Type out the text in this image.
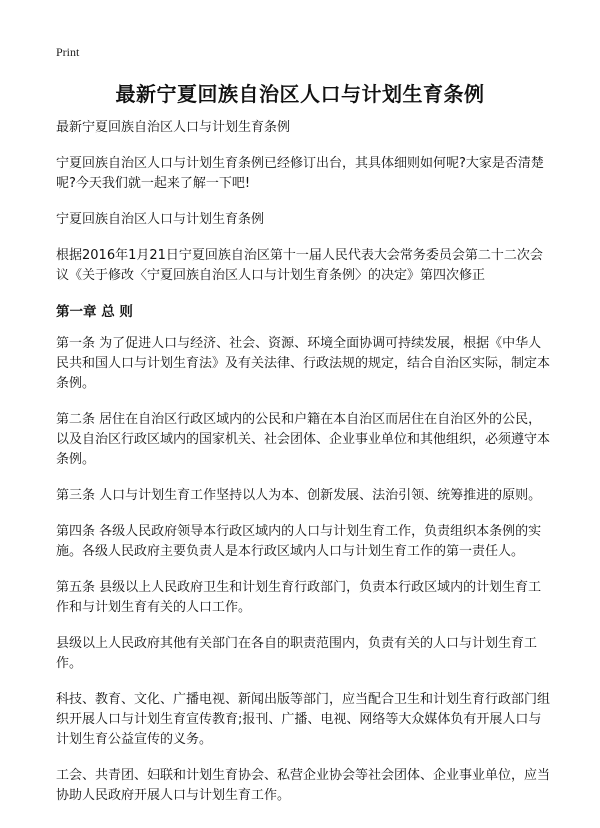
Print
最新宁夏回族自治区人口与计划生育条例

最新宁夏回族自治区人口与计划生育条例

宁夏回族自治区人口与计划生育条例已经修订出台，其具体细则如何呢?大家是否清楚呢?今天我们就一起来了解一下吧!

宁夏回族自治区人口与计划生育条例

根据2016年1月21日宁夏回族自治区第十一届人民代表大会常务委员会第二十二次会议《关于修改〈宁夏回族自治区人口与计划生育条例〉的决定》第四次修正

第一章 总 则

第一条 为了促进人口与经济、社会、资源、环境全面协调可持续发展，根据《中华人民共和国人口与计划生育法》及有关法律、行政法规的规定，结合自治区实际，制定本条例。

第二条 居住在自治区行政区域内的公民和户籍在本自治区而居住在自治区外的公民，以及自治区行政区域内的国家机关、社会团体、企业事业单位和其他组织，必须遵守本条例。

第三条 人口与计划生育工作坚持以人为本、创新发展、法治引领、统筹推进的原则。

第四条 各级人民政府领导本行政区域内的人口与计划生育工作，负责组织本条例的实施。各级人民政府主要负责人是本行政区域内人口与计划生育工作的第一责任人。

第五条 县级以上人民政府卫生和计划生育行政部门，负责本行政区域内的计划生育工作和与计划生育有关的人口工作。

县级以上人民政府其他有关部门在各自的职责范围内，负责有关的人口与计划生育工作。

科技、教育、文化、广播电视、新闻出版等部门，应当配合卫生和计划生育行政部门组织开展人口与计划生育宣传教育;报刊、广播、电视、网络等大众媒体负有开展人口与计划生育公益宣传的义务。

工会、共青团、妇联和计划生育协会、私营企业协会等社会团体、企业事业单位，应当协助人民政府开展人口与计划生育工作。
